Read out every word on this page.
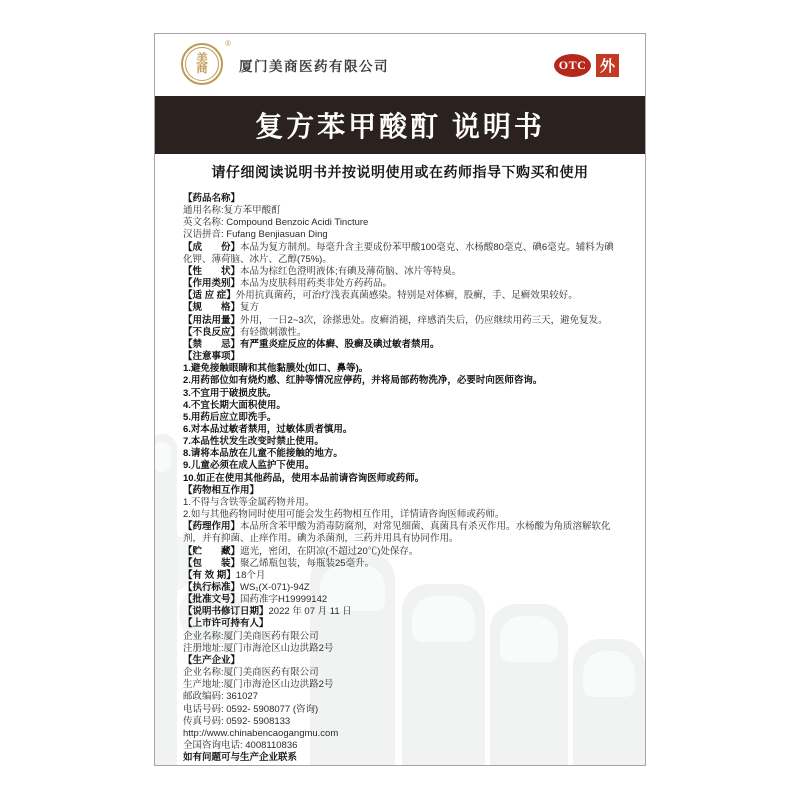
美商
®
厦门美商医药有限公司	OTC 外
复方苯甲酸酊 说明书
请仔细阅读说明书并按说明使用或在药师指导下购买和使用
【药品名称】
通用名称:复方苯甲酸酊
英文名称: Compound Benzoic Acidi Tincture
汉语拼音: Fufang Benjiasuan Ding
【成　　份】本品为复方制剂。每毫升含主要成份苯甲酸100毫克、水杨酸80毫克、碘6毫克。辅料为碘化钾、薄荷脑、冰片、乙醇(75%)。
【性　　状】本品为棕红色澄明液体;有碘及薄荷脑、冰片等特臭。
【作用类别】本品为皮肤科用药类非处方药药品。
【适 应 症】外用抗真菌药，可治疗浅表真菌感染。特别是对体癣，股癣，手、足癣效果较好。
【规　　格】复方
【用法用量】外用，一日2~3次，涂搽患处。皮癣消褪，痒感消失后，仍应继续用药三天，避免复发。
【不良反应】有轻微刺激性。
【禁　　忌】有严重炎症反应的体癣、股癣及碘过敏者禁用。
【注意事项】
1.避免接触眼睛和其他黏膜处(如口、鼻等)。
2.用药部位如有烧灼感、红肿等情况应停药，并将局部药物洗净，必要时向医师咨询。
3.不宜用于破损皮肤。
4.不宜长期大面积使用。
5.用药后应立即洗手。
6.对本品过敏者禁用，过敏体质者慎用。
7.本品性状发生改变时禁止使用。
8.请将本品放在儿童不能接触的地方。
9.儿童必须在成人监护下使用。
10.如正在使用其他药品，使用本品前请咨询医师或药师。
【药物相互作用】
1.不得与含铁等金属药物并用。
2.如与其他药物同时使用可能会发生药物相互作用，详情请咨询医师或药师。
【药理作用】本品所含苯甲酸为消毒防腐剂，对常见细菌、真菌具有杀灭作用。水杨酸为角质溶解软化剂，并有抑菌、止痒作用。碘为杀菌剂，三药并用具有协同作用。
【贮　　藏】遮光，密闭，在阴凉(不超过20℃)处保存。
【包　　装】聚乙烯瓶包装，每瓶装25毫升。
【有 效 期】18个月
【执行标准】WS₁(X-071)-94Z
【批准文号】国药准字H19999142
【说明书修订日期】2022 年 07 月 11 日
【上市许可持有人】
企业名称:厦门美商医药有限公司
注册地址:厦门市海沧区山边洪路2号
【生产企业】
企业名称:厦门美商医药有限公司
生产地址:厦门市海沧区山边洪路2号
邮政编码: 361027
电话号码: 0592- 5908077 (咨询)
传真号码: 0592- 5908133
http://www.chinabencaogangmu.com
全国咨询电话: 4008110836
如有问题可与生产企业联系
